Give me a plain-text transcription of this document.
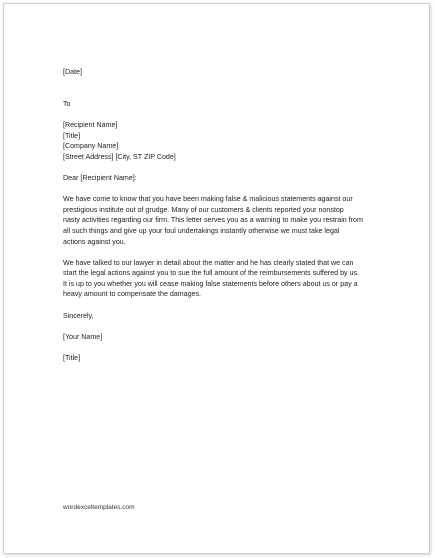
[Date]
To
[Recipient Name]
[Title]
[Company Name]
[Street Address] [City, ST ZIP Code]
Dear [Recipient Name]:
We have come to know that you have been making false & malicious statements against our
prestigious institute out of grudge. Many of our customers & clients reported your nonstop
nasty activities regarding our firm. This letter serves you as a warning to make you restrain from
all such things and give up your foul undertakings instantly otherwise we must take legal
actions against you.
We have talked to our lawyer in detail about the matter and he has clearly stated that we can
start the legal actions against you to sue the full amount of the reimbursements suffered by us.
It is up to you whether you will cease making false statements before others about us or pay a
heavy amount to compensate the damages.
Sincerely,
[Your Name]
[Title]
wordexceltemplates.com
